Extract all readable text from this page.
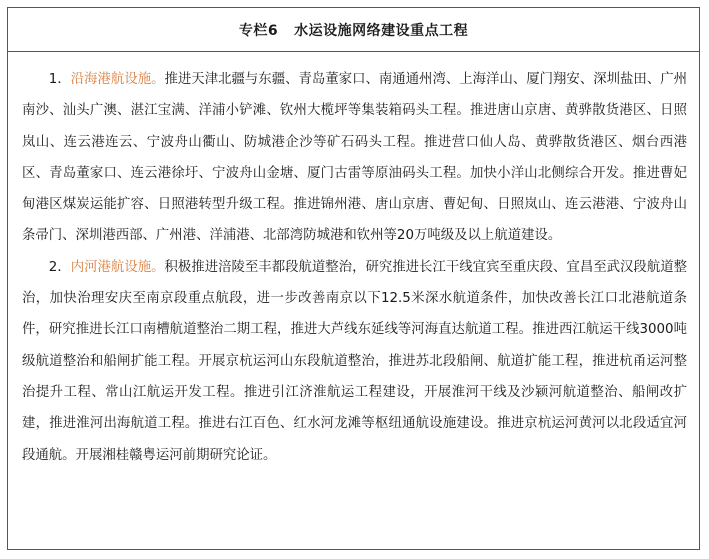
专栏6 水运设施网络建设重点工程

1．沿海港航设施。推进天津北疆与东疆、青岛董家口、南通通州湾、上海洋山、厦门翔安、深圳盐田、广州南沙、汕头广澳、湛江宝满、洋浦小铲滩、钦州大榄坪等集装箱码头工程。推进唐山京唐、黄骅散货港区、日照岚山、连云港连云、宁波舟山衢山、防城港企沙等矿石码头工程。推进营口仙人岛、黄骅散货港区、烟台西港区、青岛董家口、连云港徐圩、宁波舟山金塘、厦门古雷等原油码头工程。加快小洋山北侧综合开发。推进曹妃甸港区煤炭运能扩容、日照港转型升级工程。推进锦州港、唐山京唐、曹妃甸、日照岚山、连云港港、宁波舟山条帚门、深圳港西部、广州港、洋浦港、北部湾防城港和钦州等20万吨级及以上航道建设。

2．内河港航设施。积极推进涪陵至丰都段航道整治，研究推进长江干线宜宾至重庆段、宜昌至武汉段航道整治，加快治理安庆至南京段重点航段，进一步改善南京以下12.5米深水航道条件，加快改善长江口北港航道条件，研究推进长江口南槽航道整治二期工程，推进大芦线东延线等河海直达航道工程。推进西江航运干线3000吨级航道整治和船闸扩能工程。开展京杭运河山东段航道整治，推进苏北段船闸、航道扩能工程，推进杭甬运河整治提升工程、常山江航运开发工程。推进引江济淮航运工程建设，开展淮河干线及沙颍河航道整治、船闸改扩建，推进淮河出海航道工程。推进右江百色、红水河龙滩等枢纽通航设施建设。推进京杭运河黄河以北段适宜河段通航。开展湘桂赣粤运河前期研究论证。
